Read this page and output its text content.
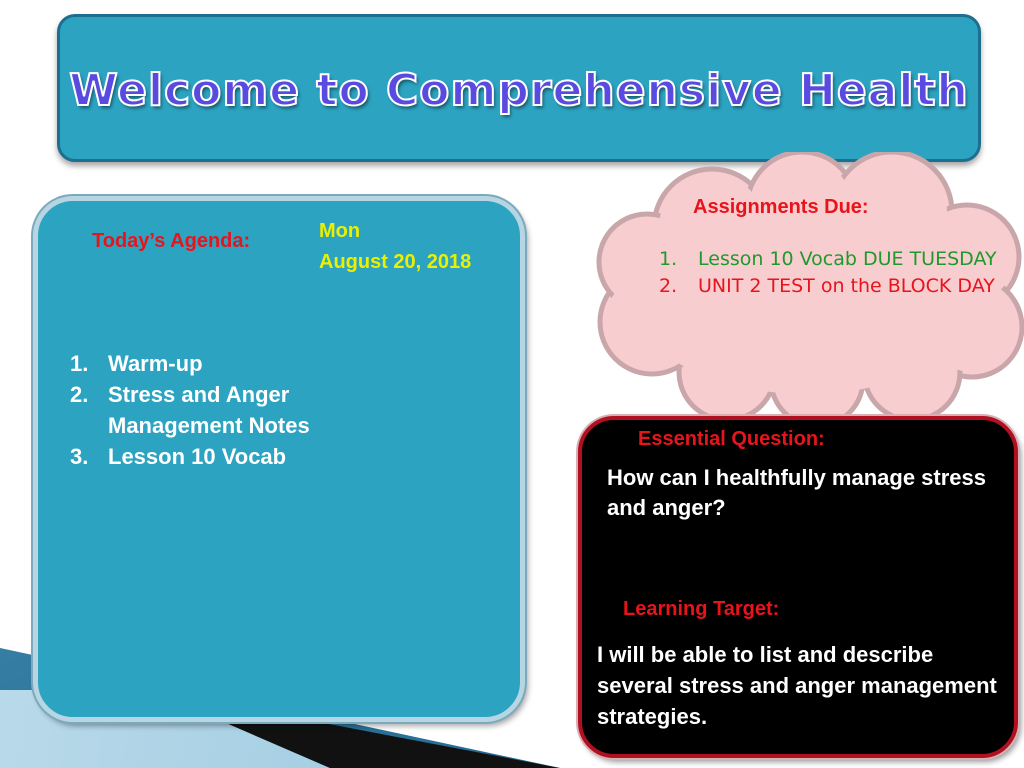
Welcome to Comprehensive Health
Today’s Agenda:	Mon
August 20, 2018
1. Warm-up
2. Stress and Anger Management Notes
3. Lesson 10 Vocab
Assignments Due:
1.	Lesson 10 Vocab DUE TUESDAY
2.	UNIT 2 TEST on the BLOCK DAY
Essential Question:
How can I healthfully manage stress and anger?
Learning Target:
I will be able to list and describe several stress and anger management strategies.
